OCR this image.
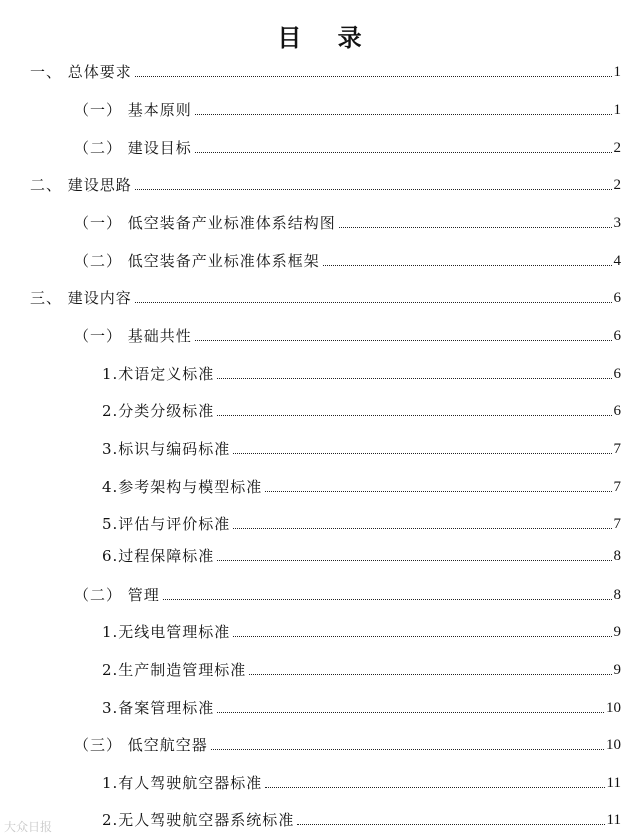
目 录
一、 总体要求	1
（一） 基本原则	1
（二） 建设目标	2
二、 建设思路	2
（一） 低空装备产业标准体系结构图	3
（二） 低空装备产业标准体系框架	4
三、 建设内容	6
（一） 基础共性	6
1.术语定义标准	6
2.分类分级标准	6
3.标识与编码标准	7
4.参考架构与模型标准	7
5.评估与评价标准	7
6.过程保障标准	8
（二） 管理	8
1.无线电管理标准	9
2.生产制造管理标准	9
3.备案管理标准	10
（三） 低空航空器	10
1.有人驾驶航空器标准	11
2.无人驾驶航空器系统标准	11
大众日报
